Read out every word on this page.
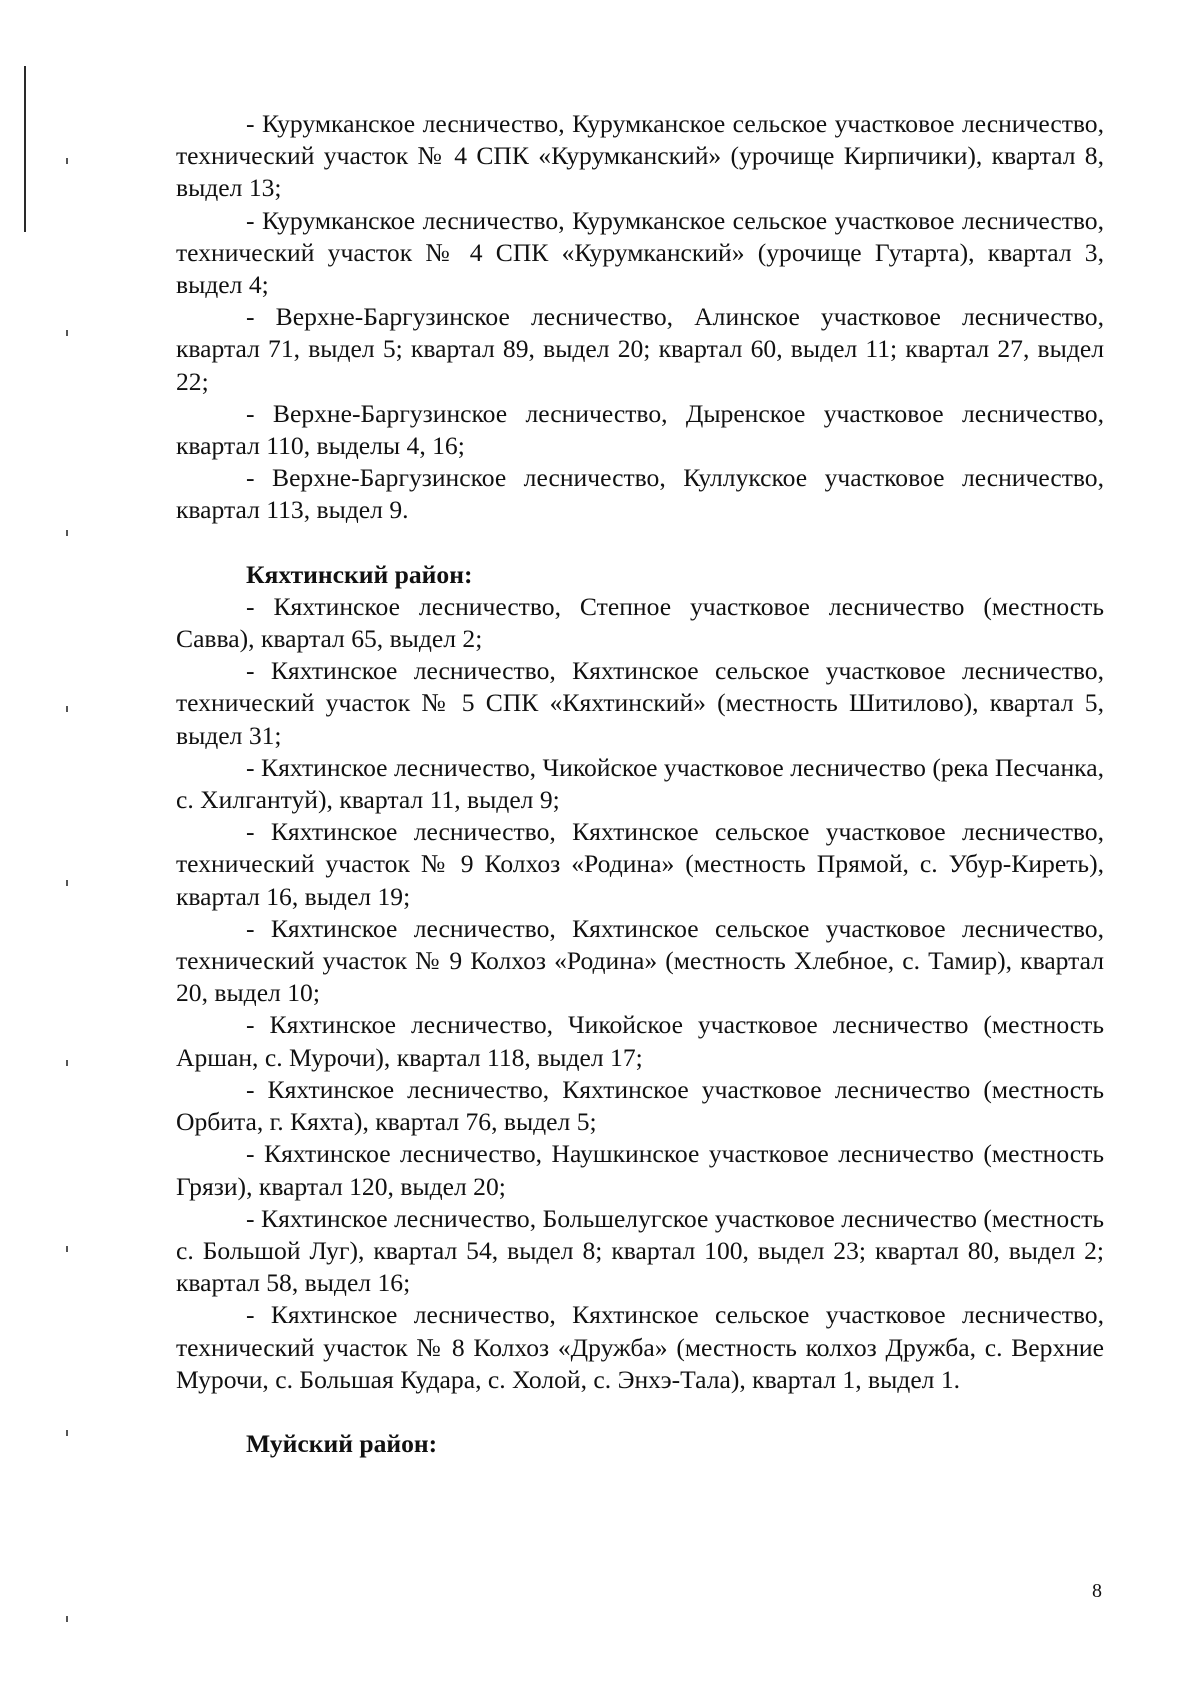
- Курумканское лесничество, Курумканское сельское участковое лесничество, технический участок № 4 СПК «Курумканский» (урочище Кирпичики), квартал 8, выдел 13;

- Курумканское лесничество, Курумканское сельское участковое лесничество, технический участок № 4 СПК «Курумканский» (урочище Гутарта), квартал 3, выдел 4;

- Верхне-Баргузинское лесничество, Алинское участковое лесничество, квартал 71, выдел 5; квартал 89, выдел 20; квартал 60, выдел 11; квартал 27, выдел 22;

- Верхне-Баргузинское лесничество, Дыренское участковое лесничество, квартал 110, выделы 4, 16;

- Верхне-Баргузинское лесничество, Куллукское участковое лесничество, квартал 113, выдел 9.

Кяхтинский район:

- Кяхтинское лесничество, Степное участковое лесничество (местность Савва), квартал 65, выдел 2;

- Кяхтинское лесничество, Кяхтинское сельское участковое лесничество, технический участок № 5 СПК «Кяхтинский» (местность Шитилово), квартал 5, выдел 31;

- Кяхтинское лесничество, Чикойское участковое лесничество (река Песчанка, с. Хилгантуй), квартал 11, выдел 9;

- Кяхтинское лесничество, Кяхтинское сельское участковое лесничество, технический участок № 9 Колхоз «Родина» (местность Прямой, с. Убур-Киреть), квартал 16, выдел 19;

- Кяхтинское лесничество, Кяхтинское сельское участковое лесничество, технический участок № 9 Колхоз «Родина» (местность Хлебное, с. Тамир), квартал 20, выдел 10;

- Кяхтинское лесничество, Чикойское участковое лесничество (местность Аршан, с. Мурочи), квартал 118, выдел 17;

- Кяхтинское лесничество, Кяхтинское участковое лесничество (местность Орбита, г. Кяхта), квартал 76, выдел 5;

- Кяхтинское лесничество, Наушкинское участковое лесничество (местность Грязи), квартал 120, выдел 20;

- Кяхтинское лесничество, Большелугское участковое лесничество (местность с. Большой Луг), квартал 54, выдел 8; квартал 100, выдел 23; квартал 80, выдел 2; квартал 58, выдел 16;

- Кяхтинское лесничество, Кяхтинское сельское участковое лесничество, технический участок № 8 Колхоз «Дружба» (местность колхоз Дружба, с. Верхние Мурочи, с. Большая Кудара, с. Холой, с. Энхэ-Тала), квартал 1, выдел 1.

Муйский район:

8
